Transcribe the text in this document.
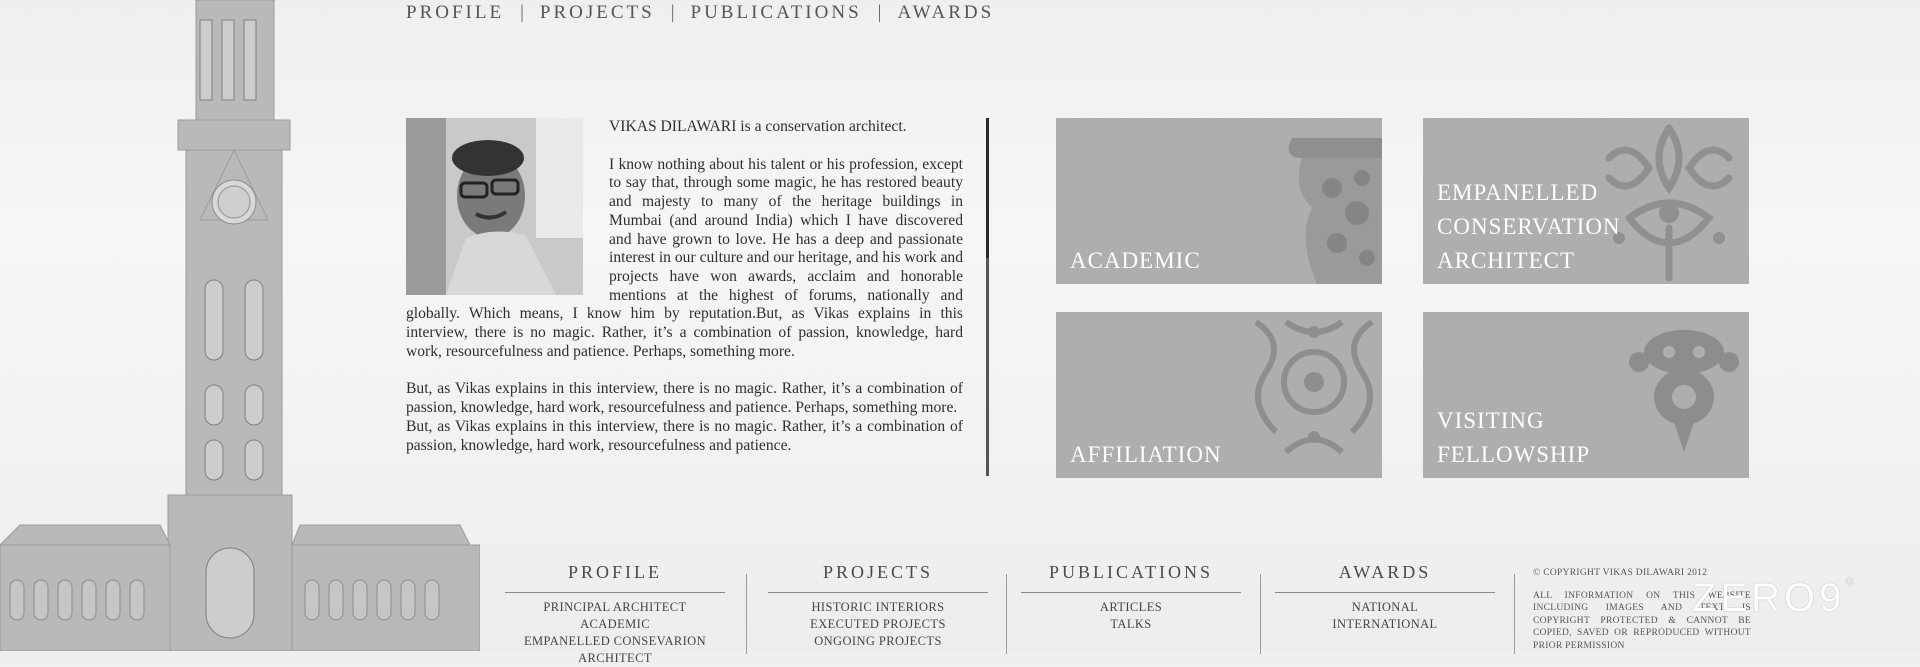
PROFILE | PROJECTS | PUBLICATIONS | AWARDS

VIKAS DILAWARI is a conservation architect.

I know nothing about his talent or his profession, except to say that, through some magic, he has restored beauty and majesty to many of the heritage buildings in Mumbai (and around India) which I have discovered and have grown to love. He has a deep and passionate interest in our culture and our heritage, and his work and projects have won awards, acclaim and honorable mentions at the highest of forums, nationally and globally. Which means, I know him by reputation.But, as Vikas explains in this interview, there is no magic. Rather, it’s a combination of passion, knowledge, hard work, resourcefulness and patience. Perhaps, something more.

But, as Vikas explains in this interview, there is no magic. Rather, it’s a combination of passion, knowledge, hard work, resourcefulness and patience. Perhaps, something more.

But, as Vikas explains in this interview, there is no magic. Rather, it’s a combination of passion, knowledge, hard work, resourcefulness and patience.

ACADEMIC
EMPANELLED
CONSERVATION
ARCHITECT
AFFILIATION
VISITING
FELLOWSHIP
PROFILE
PRINCIPAL ARCHITECT
ACADEMIC
EMPANELLED CONSEVARION ARCHITECT
PROJECTS
HISTORIC INTERIORS
EXECUTED PROJECTS
ONGOING PROJECTS
PUBLICATIONS
ARTICLES
TALKS
AWARDS
NATIONAL
INTERNATIONAL
© COPYRIGHT VIKAS DILAWARI 2012
ALL INFORMATION ON THIS WEBSITE INCLUDING IMAGES AND TEXT IS COPYRIGHT PROTECTED & CANNOT BE COPIED, SAVED OR REPRODUCED WITHOUT PRIOR PERMISSION
ZERO9®
